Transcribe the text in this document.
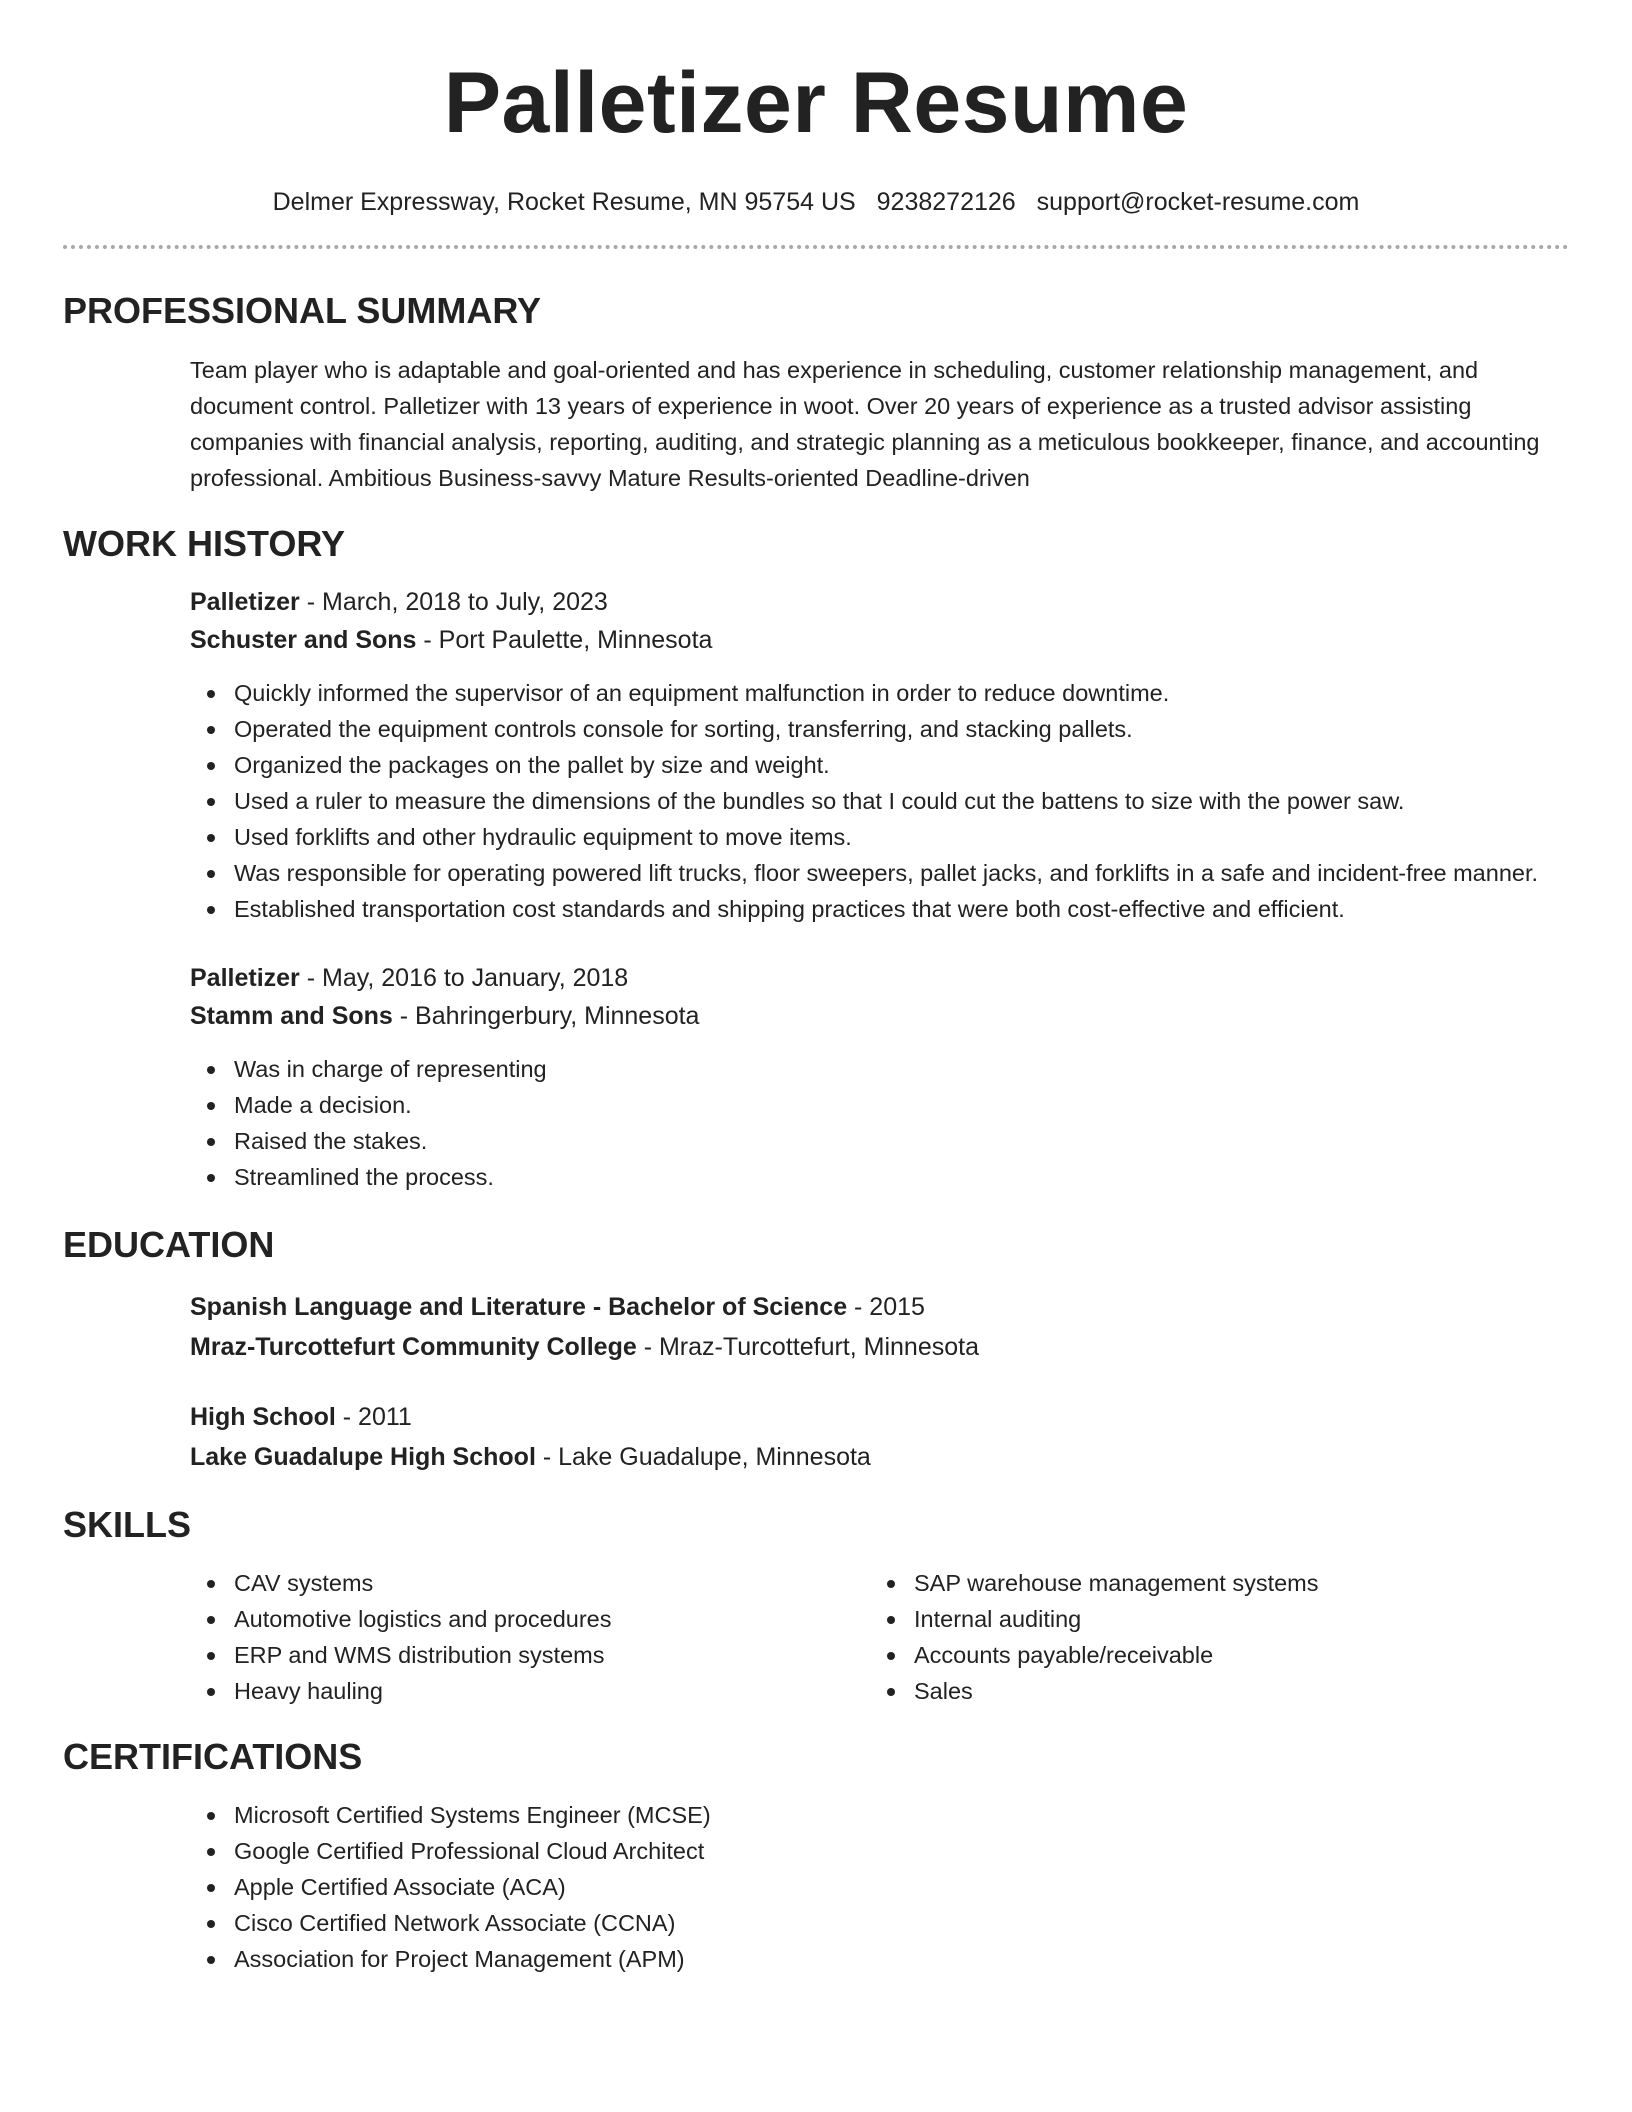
Palletizer Resume
Delmer Expressway, Rocket Resume, MN 95754 US 9238272126 support@rocket-resume.com
PROFESSIONAL SUMMARY

Team player who is adaptable and goal-oriented and has experience in scheduling, customer relationship management, and document control. Palletizer with 13 years of experience in woot. Over 20 years of experience as a trusted advisor assisting companies with financial analysis, reporting, auditing, and strategic planning as a meticulous bookkeeper, finance, and accounting professional. Ambitious Business-savvy Mature Results-oriented Deadline-driven

WORK HISTORY
Palletizer - March, 2018 to July, 2023
Schuster and Sons - Port Paulette, Minnesota
Quickly informed the supervisor of an equipment malfunction in order to reduce downtime.
Operated the equipment controls console for sorting, transferring, and stacking pallets.
Organized the packages on the pallet by size and weight.
Used a ruler to measure the dimensions of the bundles so that I could cut the battens to size with the power saw.
Used forklifts and other hydraulic equipment to move items.
Was responsible for operating powered lift trucks, floor sweepers, pallet jacks, and forklifts in a safe and incident-free manner.
Established transportation cost standards and shipping practices that were both cost-effective and efficient.
Palletizer - May, 2016 to January, 2018
Stamm and Sons - Bahringerbury, Minnesota
Was in charge of representing
Made a decision.
Raised the stakes.
Streamlined the process.
EDUCATION
Spanish Language and Literature - Bachelor of Science - 2015
Mraz-Turcottefurt Community College - Mraz-Turcottefurt, Minnesota
High School - 2011
Lake Guadalupe High School - Lake Guadalupe, Minnesota
SKILLS
CAV systems
Automotive logistics and procedures
ERP and WMS distribution systems
Heavy hauling
SAP warehouse management systems
Internal auditing
Accounts payable/receivable
Sales
CERTIFICATIONS
Microsoft Certified Systems Engineer (MCSE)
Google Certified Professional Cloud Architect
Apple Certified Associate (ACA)
Cisco Certified Network Associate (CCNA)
Association for Project Management (APM)
